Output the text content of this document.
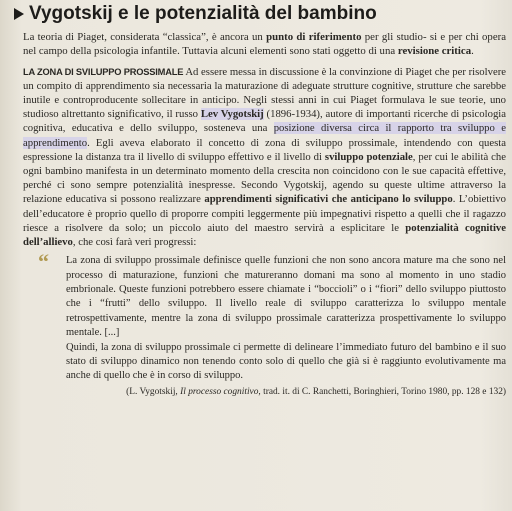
Vygotskij e le potenzialità del bambino

La teoria di Piaget, considerata “classica”, è ancora un punto di riferimento per gli studio- si e per chi opera nel campo della psicologia infantile. Tuttavia alcuni elementi sono stati oggetto di una revisione critica.

LA ZONA DI SVILUPPO PROSSIMALE Ad essere messa in discussione è la convinzione di Piaget che per risolvere un compito di apprendimento sia necessaria la maturazione di adeguate strutture cognitive, strutture che sarebbe inutile e controproducente sollecitare in anticipo. Negli stessi anni in cui Piaget formulava le sue teorie, uno studioso altrettanto significativo, il russo Lev Vygotskij (1896-1934), autore di importanti ricerche di psicologia cognitiva, educativa e dello sviluppo, sosteneva una posizione diversa circa il rapporto tra sviluppo e apprendimento. Egli aveva elaborato il concetto di zona di sviluppo prossimale, intendendo con questa espressione la distanza tra il livello di sviluppo effettivo e il livello di sviluppo potenziale, per cui le abilità che ogni bambino manifesta in un determinato momento della crescita non coincidono con le sue capacità effettive, perché ci sono sempre potenzialità inespresse. Secondo Vygotskij, agendo su queste ultime attraverso la relazione educativa si possono realizzare apprendimenti significativi che anticipano lo sviluppo. L’obiettivo dell’educatore è proprio quello di proporre compiti leggermente più impegnativi rispetto a quelli che il ragazzo riesce a risolvere da solo; un piccolo aiuto del maestro servirà a esplicitare le potenzialità cognitive dell’allievo, che così farà veri progressi:

“ La zona di sviluppo prossimale definisce quelle funzioni che non sono ancora mature ma che sono nel processo di maturazione, funzioni che matureranno domani ma sono al momento in uno stadio embrionale. Queste funzioni potrebbero essere chiamate i “boccioli” o i “fiori” dello sviluppo piuttosto che i “frutti” dello sviluppo. Il livello reale di sviluppo caratterizza lo sviluppo mentale retrospettivamente, mentre la zona di sviluppo prossimale caratterizza prospettivamente lo sviluppo mentale. [...]

Quindi, la zona di sviluppo prossimale ci permette di delineare l’immediato futuro del bambino e il suo stato di sviluppo dinamico non tenendo conto solo di quello che già si è raggiunto evolutivamente ma anche di quello che è in corso di sviluppo.

(L. Vygotskij, Il processo cognitivo, trad. it. di C. Ranchetti, Boringhieri, Torino 1980, pp. 128 e 132)
